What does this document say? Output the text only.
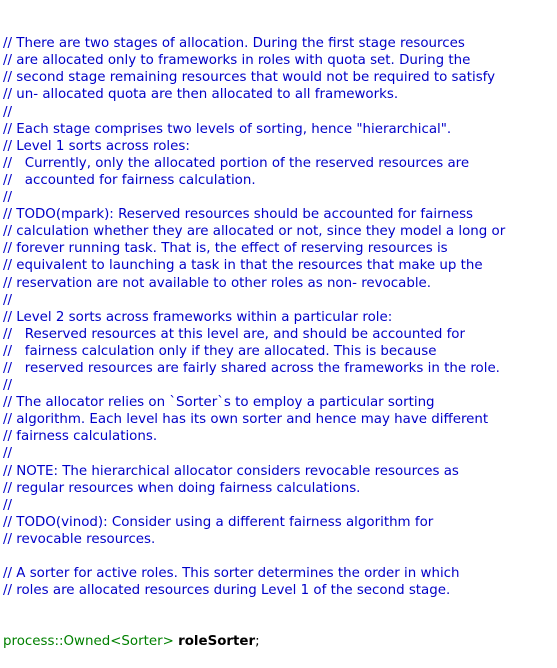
// There are two stages of allocation. During the first stage resources
// are allocated only to frameworks in roles with quota set. During the
// second stage remaining resources that would not be required to satisfy
// un- allocated quota are then allocated to all frameworks.
//
// Each stage comprises two levels of sorting, hence "hierarchical".
// Level 1 sorts across roles:
//   Currently, only the allocated portion of the reserved resources are
//   accounted for fairness calculation.
//
// TODO(mpark): Reserved resources should be accounted for fairness
// calculation whether they are allocated or not, since they model a long or
// forever running task. That is, the effect of reserving resources is
// equivalent to launching a task in that the resources that make up the
// reservation are not available to other roles as non- revocable.
//
// Level 2 sorts across frameworks within a particular role:
//   Reserved resources at this level are, and should be accounted for
//   fairness calculation only if they are allocated. This is because
//   reserved resources are fairly shared across the frameworks in the role.
//
// The allocator relies on `Sorter`s to employ a particular sorting
// algorithm. Each level has its own sorter and hence may have different
// fairness calculations.
//
// NOTE: The hierarchical allocator considers revocable resources as
// regular resources when doing fairness calculations.
//
// TODO(vinod): Consider using a different fairness algorithm for
// revocable resources.
// A sorter for active roles. This sorter determines the order in which
// roles are allocated resources during Level 1 of the second stage.

process::Owned<Sorter> roleSorter;
